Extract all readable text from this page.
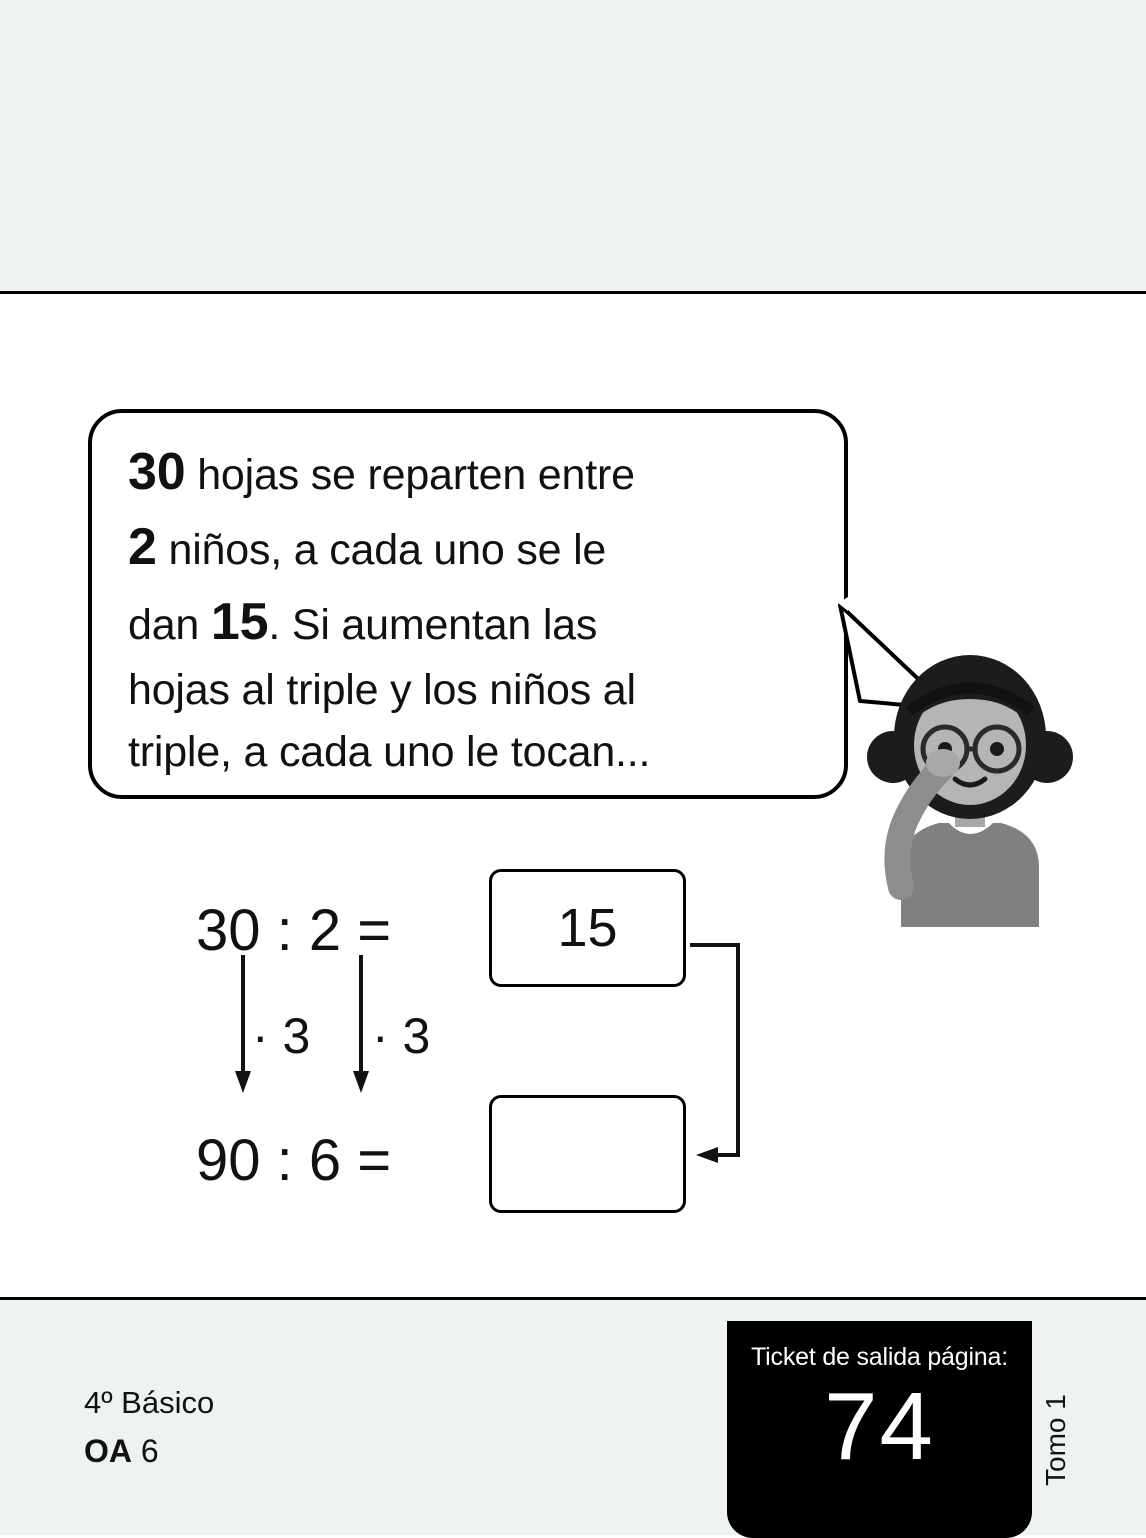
30 hojas se reparten entre
2 niños, a cada uno se le
dan 15. Si aumentan las
hojas al triple y los niños al
triple, a cada uno le tocan...
30 : 2 =
· 3 · 3
90 : 6 =
15
4º Básico
OA 6
Ticket de salida página:
74	Tomo 1
